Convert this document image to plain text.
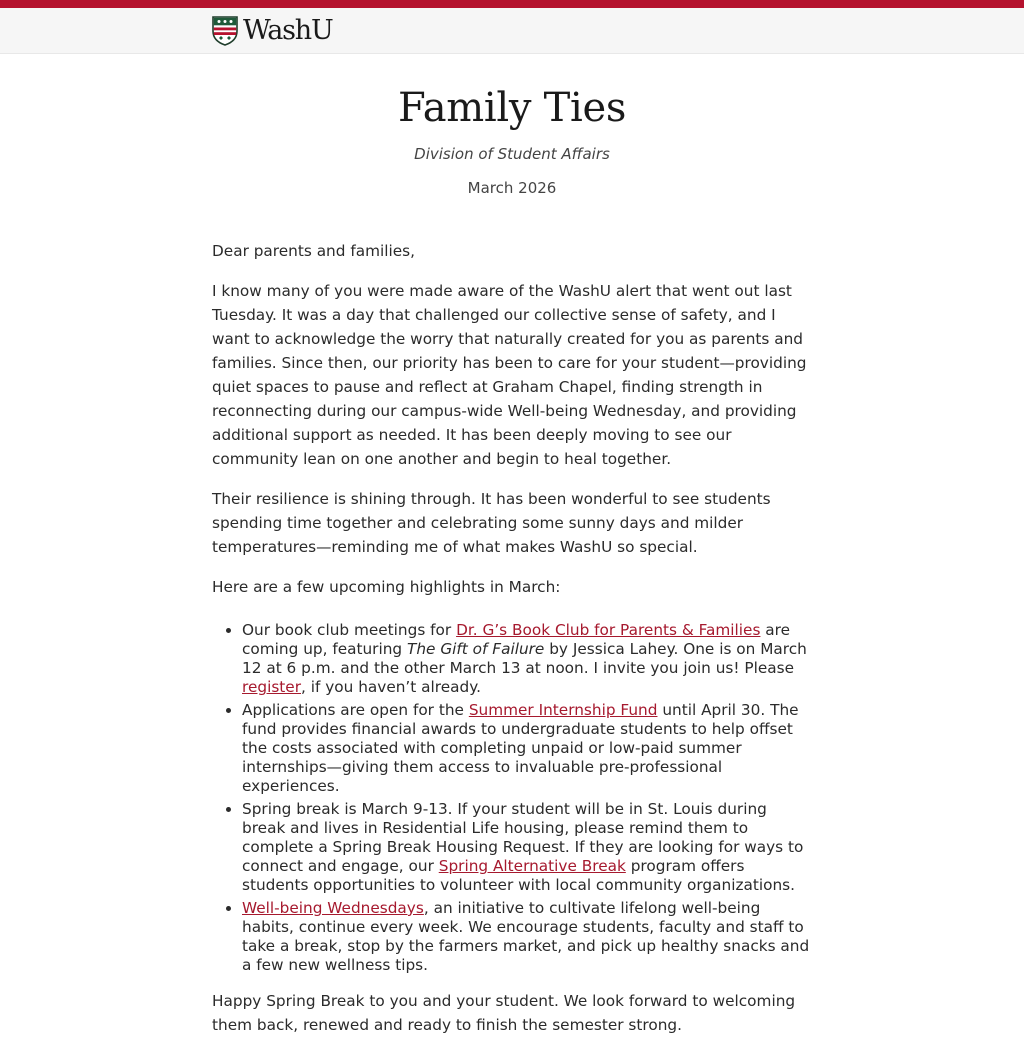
WashU
Family Ties
Division of Student Affairs
March 2026

Dear parents and families,

I know many of you were made aware of the WashU alert that went out last Tuesday. It was a day that challenged our collective sense of safety, and I want to acknowledge the worry that naturally created for you as parents and families. Since then, our priority has been to care for your student—providing quiet spaces to pause and reflect at Graham Chapel, finding strength in reconnecting during our campus-wide Well-being Wednesday, and providing additional support as needed. It has been deeply moving to see our community lean on one another and begin to heal together.

Their resilience is shining through. It has been wonderful to see students spending time together and celebrating some sunny days and milder temperatures—reminding me of what makes WashU so special.

Here are a few upcoming highlights in March:

• Our book club meetings for Dr. G’s Book Club for Parents & Families are coming up, featuring The Gift of Failure by Jessica Lahey. One is on March 12 at 6 p.m. and the other March 13 at noon. I invite you join us! Please register, if you haven’t already.
• Applications are open for the Summer Internship Fund until April 30. The fund provides financial awards to undergraduate students to help offset the costs associated with completing unpaid or low-paid summer internships—giving them access to invaluable pre-professional experiences.
• Spring break is March 9-13. If your student will be in St. Louis during break and lives in Residential Life housing, please remind them to complete a Spring Break Housing Request. If they are looking for ways to connect and engage, our Spring Alternative Break program offers students opportunities to volunteer with local community organizations.
• Well-being Wednesdays, an initiative to cultivate lifelong well-being habits, continue every week. We encourage students, faculty and staff to take a break, stop by the farmers market, and pick up healthy snacks and a few new wellness tips.

Happy Spring Break to you and your student. We look forward to welcoming them back, renewed and ready to finish the semester strong.
